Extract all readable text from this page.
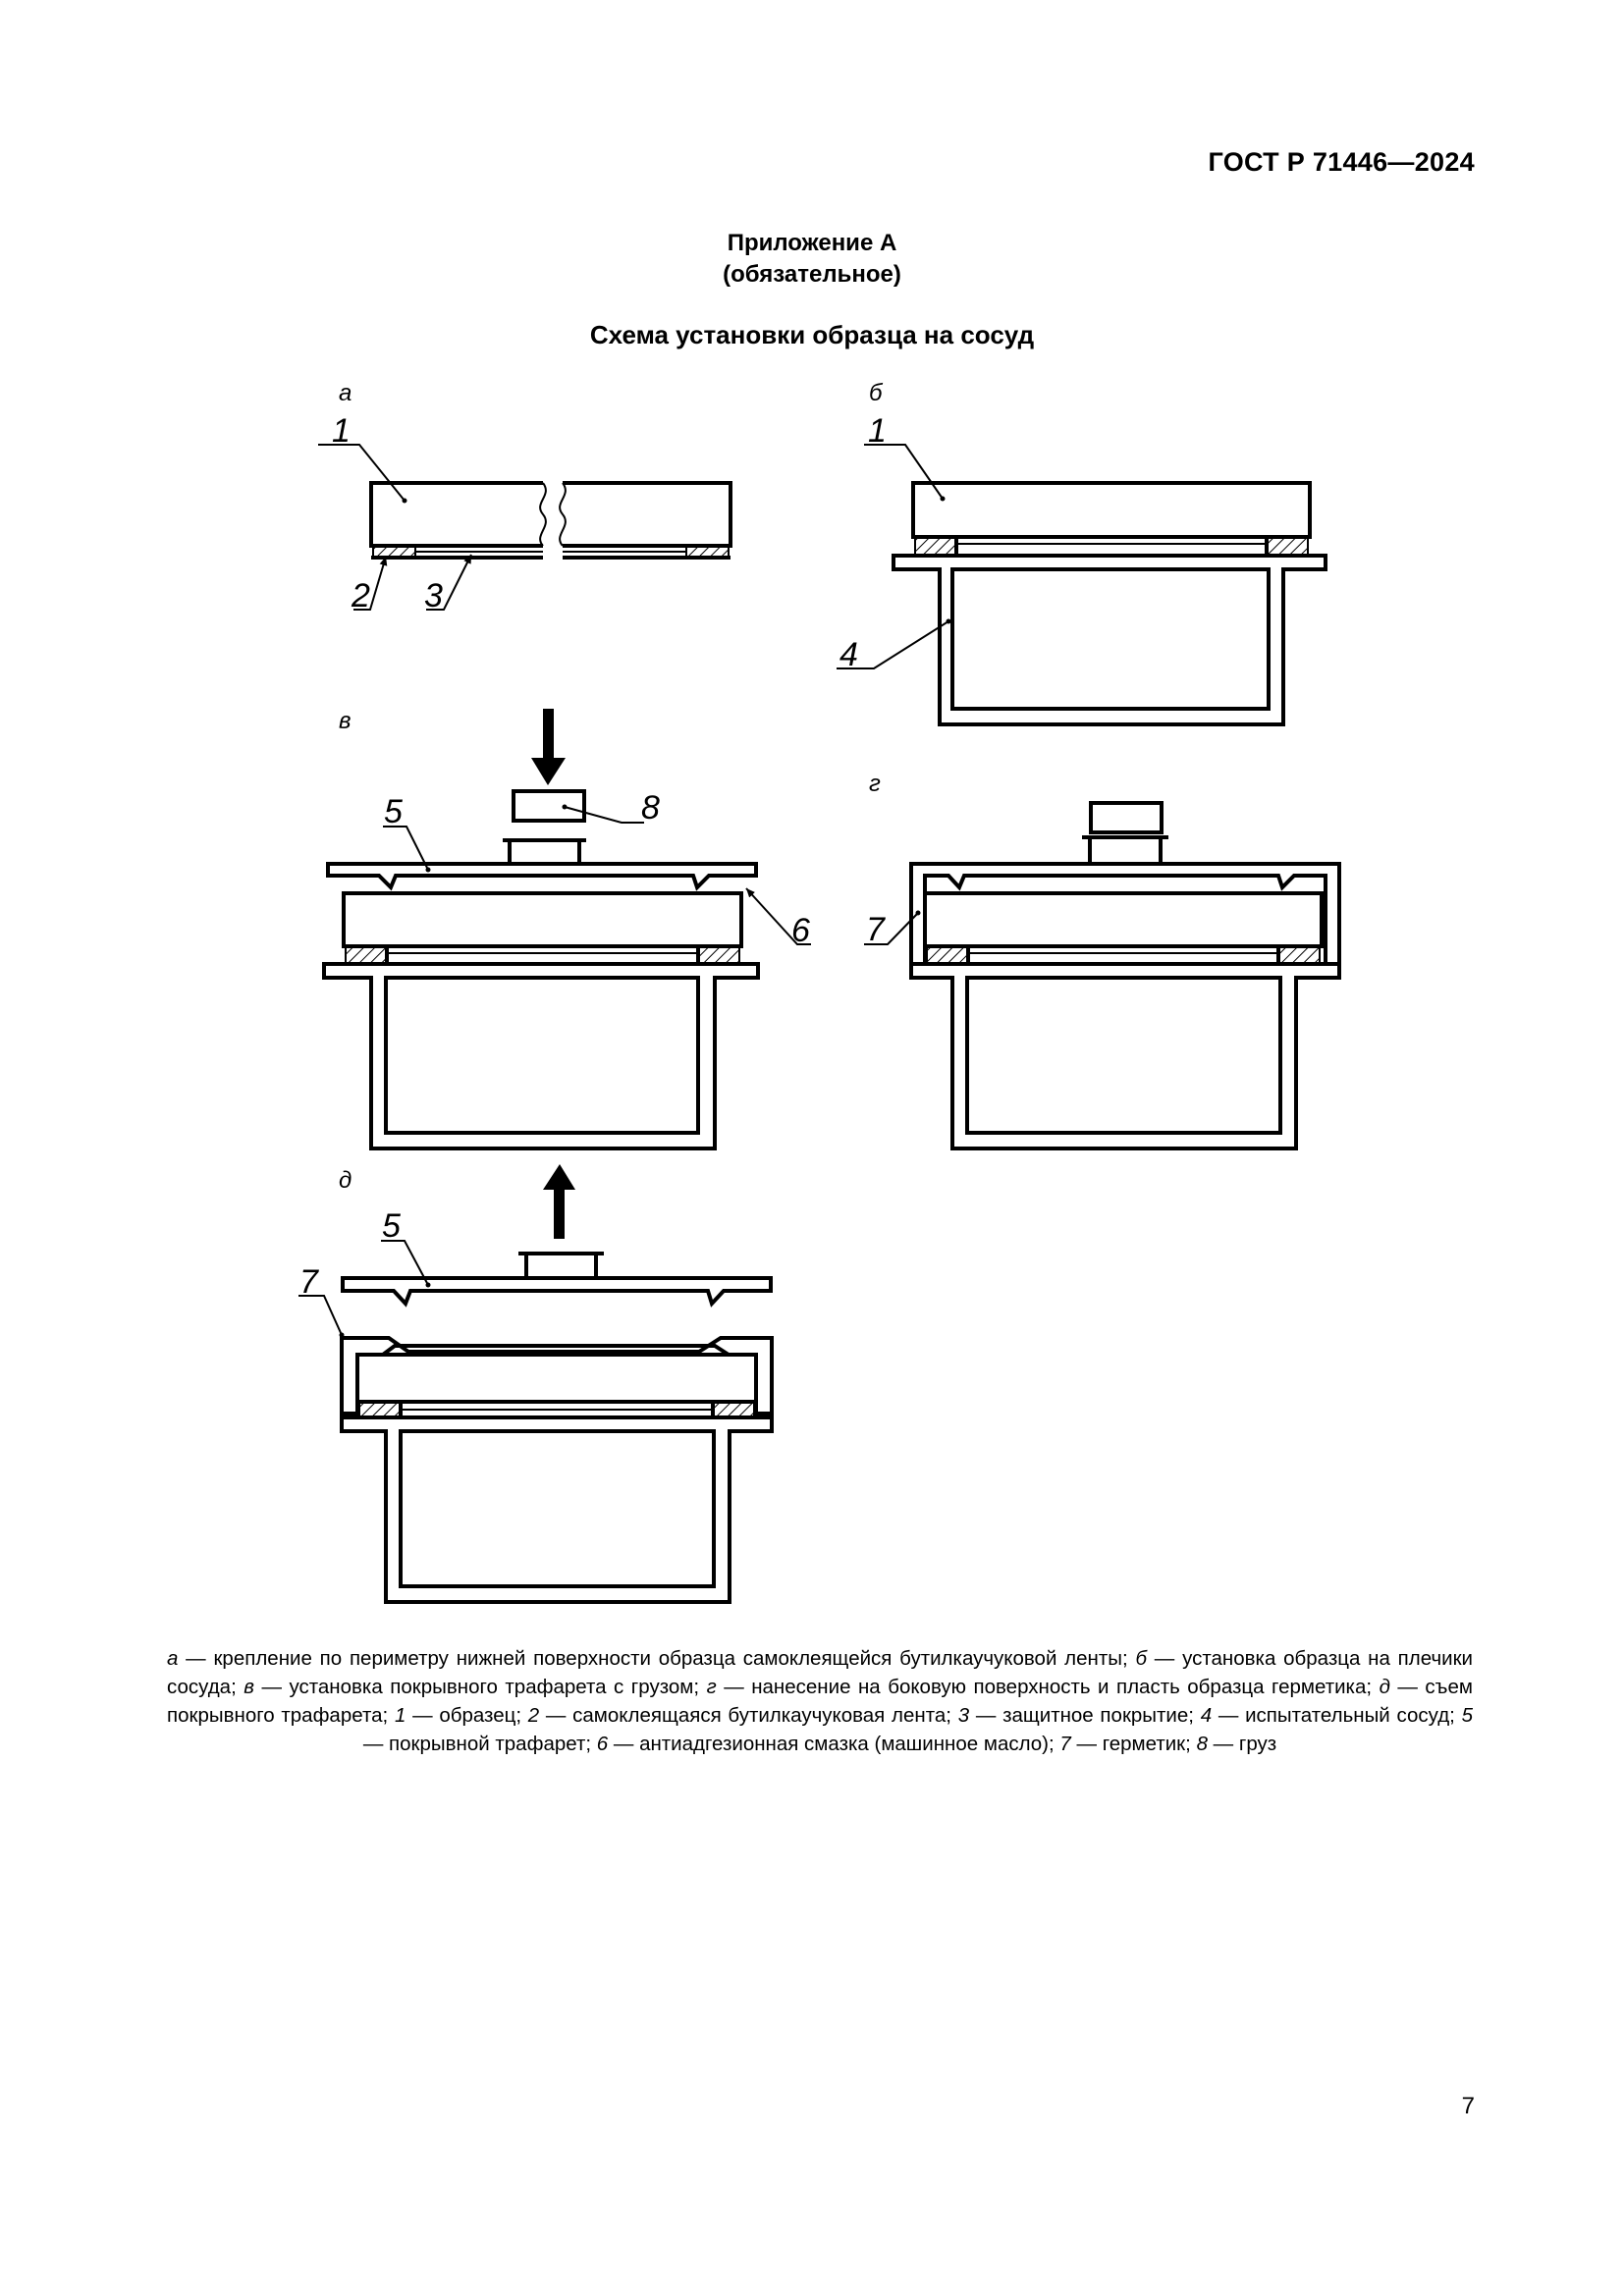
ГОСТ Р 71446—2024
Приложение А
(обязательное)
Схема установки образца на сосуд
а
1
2 3
б
1
4
в
8
5
6
г
7
д
5
7
а — крепление по периметру нижней поверхности образца самоклеящейся бутилкаучуковой ленты; б — установка образца на плечики сосуда; в — установка покрывного трафарета с грузом; г — нанесение на боковую поверхность и пласть образца герметика; д — съем покрывного трафарета; 1 — образец; 2 — самоклеящаяся бутилкаучуковая лента; 3 — защитное покрытие; 4 — испытательный сосуд; 5 — покрывной трафарет; 6 — антиадгезионная смазка (машинное масло); 7 — герметик; 8 — груз
7
